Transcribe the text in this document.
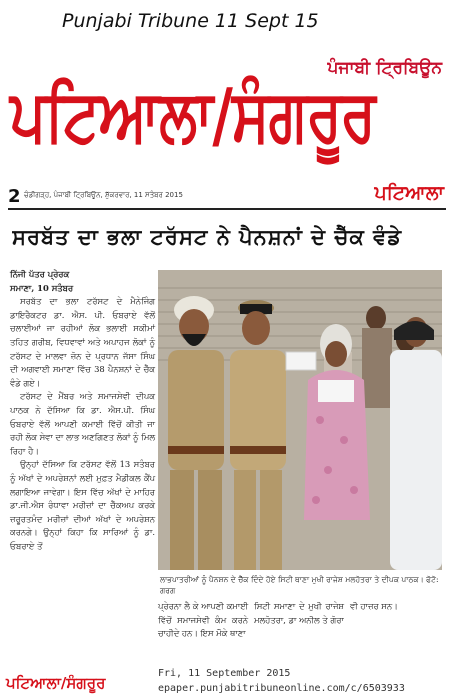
Punjabi Tribune 11 Sept 15
ਪੰਜਾਬੀ ਟ੍ਰਿਬਿਊਨ
ਪਟਿਆਲਾ/ਸੰਗਰੂਰ
2 ਚੰਡੀਗੜ੍ਹ, ਪੰਜਾਬੀ ਟ੍ਰਿਬਿਊਨ, ਸ਼ੁੱਕਰਵਾਰ, 11 ਸਤੰਬਰ 2015	ਪਟਿਆਲਾ
ਸਰਬੱਤ ਦਾ ਭਲਾ ਟਰੱਸਟ ਨੇ ਪੈਨਸ਼ਨਾਂ ਦੇ ਚੈੱਕ ਵੰਡੇ
ਨਿੱਜੀ ਪੱਤਰ ਪ੍ਰੇਰਕ
ਸਮਾਣਾ, 10 ਸਤੰਬਰ

ਸਰਬੱਤ ਦਾ ਭਲਾ ਟਰੱਸਟ ਦੇ ਮੈਨੇਜਿੰਗ ਡਾਇਰੈਕਟਰ ਡਾ. ਐਸ. ਪੀ. ਓਬਰਾਏ ਵੱਲੋਂ ਚਲਾਈਆਂ ਜਾ ਰਹੀਆਂ ਲੋਕ ਭਲਾਈ ਸਕੀਮਾਂ ਤਹਿਤ ਗਰੀਬ, ਵਿਧਵਾਵਾਂ ਅਤੇ ਅਪਾਹਜ ਲੋਕਾਂ ਨੂੰ ਟਰੱਸਟ ਦੇ ਮਾਲਵਾ ਜ਼ੋਨ ਦੇ ਪ੍ਰਧਾਨ ਜੱਸਾ ਸਿੰਘ ਦੀ ਅਗਵਾਈ ਸਮਾਣਾ ਵਿੱਚ 38 ਪੈਨਸ਼ਨਾਂ ਦੇ ਚੈੱਕ ਵੰਡੇ ਗਏ।

ਟਰੱਸਟ ਦੇ ਮੈਂਬਰ ਅਤੇ ਸਮਾਜਸੇਵੀ ਦੀਪਕ ਪਾਠਕ ਨੇ ਦੱਸਿਆ ਕਿ ਡਾ. ਐਸ.ਪੀ. ਸਿੰਘ ਓਬਰਾਏ ਵੱਲੋਂ ਆਪਣੀ ਕਮਾਈ ਵਿੱਚੋਂ ਕੀਤੀ ਜਾ ਰਹੀ ਲੋਕ ਸੇਵਾ ਦਾ ਲਾਭ ਅਣਗਿਣਤ ਲੋਕਾਂ ਨੂੰ ਮਿਲ ਰਿਹਾ ਹੈ।

ਉਨ੍ਹਾਂ ਦੱਸਿਆ ਕਿ ਟਰੱਸਟ ਵੱਲੋਂ 13 ਸਤੰਬਰ ਨੂੰ ਅੱਖਾਂ ਦੇ ਅਪਰੇਸ਼ਨਾਂ ਲਈ ਮੁਫ਼ਤ ਮੈਡੀਕਲ ਕੈਂਪ ਲਗਾਇਆ ਜਾਵੇਗਾ। ਇਸ ਵਿੱਚ ਅੱਖਾਂ ਦੇ ਮਾਹਿਰ ਡਾ.ਜੀ.ਐਸ ਰੰਧਾਵਾ ਮਰੀਜ਼ਾਂ ਦਾ ਚੈੱਕਅਪ ਕਰਕੇ ਜ਼ਰੂਰਤਮੰਦ ਮਰੀਜ਼ਾਂ ਦੀਆਂ ਅੱਖਾਂ ਦੇ ਅਪਰੇਸ਼ਨ ਕਰਨਗੇ। ਉਨ੍ਹਾਂ ਕਿਹਾ ਕਿ ਸਾਰਿਆਂ ਨੂੰ ਡਾ. ਓਬਰਾਏ ਤੋਂ

ਲਾਭਪਾਤਰੀਆਂ ਨੂੰ ਪੈਨਸ਼ਨ ਦੇ ਚੈੱਕ ਦਿੰਦੇ ਹੋਏ ਸਿਟੀ ਥਾਣਾ ਮੁਖੀ ਰਾਜੇਸ਼ ਮਲਹੋਤਰਾ ਤੇ ਦੀਪਕ ਪਾਠਕ। ਫੋਟੋ: ਗਰਗ
ਪ੍ਰੇਰਨਾ ਲੈ ਕੇ ਆਪਣੀ ਕਮਾਈ ਵਿੱਚੋਂ ਸਮਾਜਸੇਵੀ ਕੰਮ ਕਰਨੇ ਚਾਹੀਦੇ ਹਨ। ਇਸ ਮੌਕੇ ਥਾਣਾ
ਸਿਟੀ ਸਮਾਣਾ ਦੇ ਮੁਖੀ ਰਾਜੇਸ਼ ਮਲਹੋਤਰਾ, ਡਾ ਅਨੀਲ ਤੇ ਗੋਰਾ
ਵੀ ਹਾਜ਼ਰ ਸਨ।
ਪਟਿਆਲਾ/ਸੰਗਰੂਰ
Fri, 11 September 2015
epaper.punjabitribuneonline.com/c/6503933
